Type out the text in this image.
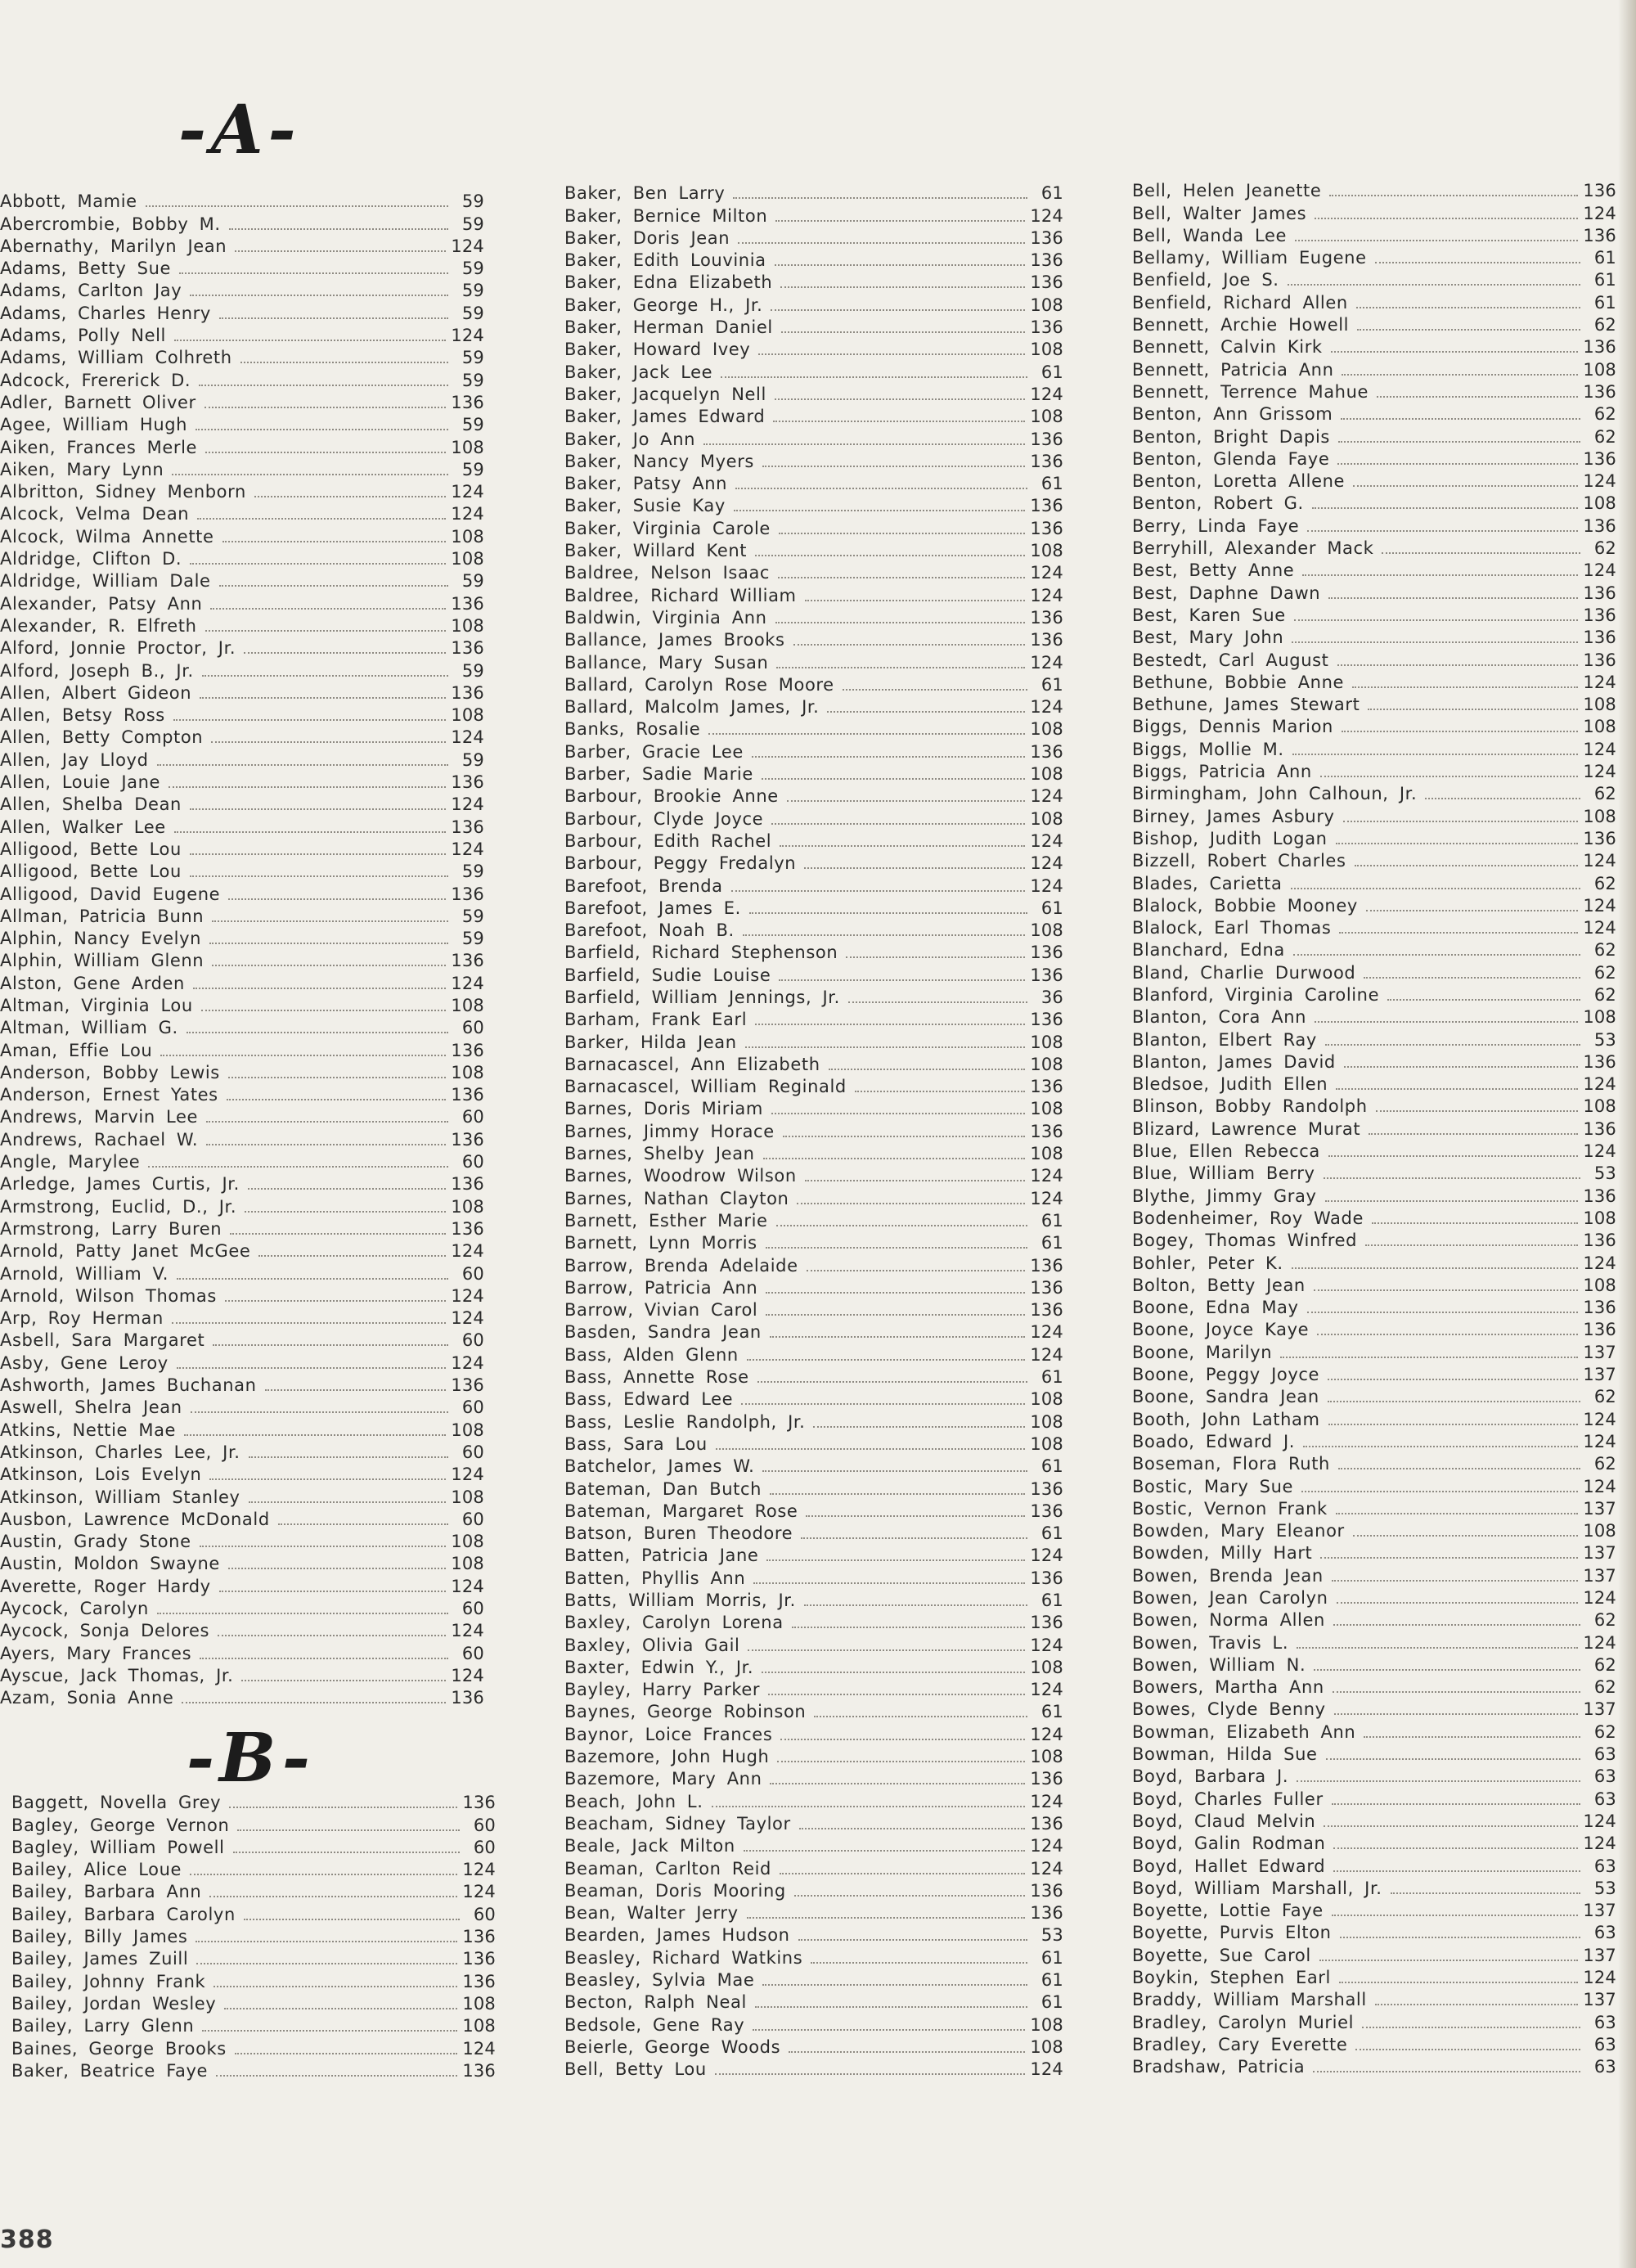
-A-
-B-
Abbott, Mamie	59
Abercrombie, Bobby M.	59
Abernathy, Marilyn Jean	124
Adams, Betty Sue	59
Adams, Carlton Jay	59
Adams, Charles Henry	59
Adams, Polly Nell	124
Adams, William Colhreth	59
Adcock, Frererick D.	59
Adler, Barnett Oliver	136
Agee, William Hugh	59
Aiken, Frances Merle	108
Aiken, Mary Lynn	59
Albritton, Sidney Menborn	124
Alcock, Velma Dean	124
Alcock, Wilma Annette	108
Aldridge, Clifton D.	108
Aldridge, William Dale	59
Alexander, Patsy Ann	136
Alexander, R. Elfreth	108
Alford, Jonnie Proctor, Jr.	136
Alford, Joseph B., Jr.	59
Allen, Albert Gideon	136
Allen, Betsy Ross	108
Allen, Betty Compton	124
Allen, Jay Lloyd	59
Allen, Louie Jane	136
Allen, Shelba Dean	124
Allen, Walker Lee	136
Alligood, Bette Lou	124
Alligood, Bette Lou	59
Alligood, David Eugene	136
Allman, Patricia Bunn	59
Alphin, Nancy Evelyn	59
Alphin, William Glenn	136
Alston, Gene Arden	124
Altman, Virginia Lou	108
Altman, William G.	60
Aman, Effie Lou	136
Anderson, Bobby Lewis	108
Anderson, Ernest Yates	136
Andrews, Marvin Lee	60
Andrews, Rachael W.	136
Angle, Marylee	60
Arledge, James Curtis, Jr.	136
Armstrong, Euclid, D., Jr.	108
Armstrong, Larry Buren	136
Arnold, Patty Janet McGee	124
Arnold, William V.	60
Arnold, Wilson Thomas	124
Arp, Roy Herman	124
Asbell, Sara Margaret	60
Asby, Gene Leroy	124
Ashworth, James Buchanan	136
Aswell, Shelra Jean	60
Atkins, Nettie Mae	108
Atkinson, Charles Lee, Jr.	60
Atkinson, Lois Evelyn	124
Atkinson, William Stanley	108
Ausbon, Lawrence McDonald	60
Austin, Grady Stone	108
Austin, Moldon Swayne	108
Averette, Roger Hardy	124
Aycock, Carolyn	60
Aycock, Sonja Delores	124
Ayers, Mary Frances	60
Ayscue, Jack Thomas, Jr.	124
Azam, Sonia Anne	136
Baggett, Novella Grey	136
Bagley, George Vernon	60
Bagley, William Powell	60
Bailey, Alice Loue	124
Bailey, Barbara Ann	124
Bailey, Barbara Carolyn	60
Bailey, Billy James	136
Bailey, James Zuill	136
Bailey, Johnny Frank	136
Bailey, Jordan Wesley	108
Bailey, Larry Glenn	108
Baines, George Brooks	124
Baker, Beatrice Faye	136
Baker, Ben Larry	61
Baker, Bernice Milton	124
Baker, Doris Jean	136
Baker, Edith Louvinia	136
Baker, Edna Elizabeth	136
Baker, George H., Jr.	108
Baker, Herman Daniel	136
Baker, Howard Ivey	108
Baker, Jack Lee	61
Baker, Jacquelyn Nell	124
Baker, James Edward	108
Baker, Jo Ann	136
Baker, Nancy Myers	136
Baker, Patsy Ann	61
Baker, Susie Kay	136
Baker, Virginia Carole	136
Baker, Willard Kent	108
Baldree, Nelson Isaac	124
Baldree, Richard William	124
Baldwin, Virginia Ann	136
Ballance, James Brooks	136
Ballance, Mary Susan	124
Ballard, Carolyn Rose Moore	61
Ballard, Malcolm James, Jr.	124
Banks, Rosalie	108
Barber, Gracie Lee	136
Barber, Sadie Marie	108
Barbour, Brookie Anne	124
Barbour, Clyde Joyce	108
Barbour, Edith Rachel	124
Barbour, Peggy Fredalyn	124
Barefoot, Brenda	124
Barefoot, James E.	61
Barefoot, Noah B.	108
Barfield, Richard Stephenson	136
Barfield, Sudie Louise	136
Barfield, William Jennings, Jr.	36
Barham, Frank Earl	136
Barker, Hilda Jean	108
Barnacascel, Ann Elizabeth	108
Barnacascel, William Reginald	136
Barnes, Doris Miriam	108
Barnes, Jimmy Horace	136
Barnes, Shelby Jean	108
Barnes, Woodrow Wilson	124
Barnes, Nathan Clayton	124
Barnett, Esther Marie	61
Barnett, Lynn Morris	61
Barrow, Brenda Adelaide	136
Barrow, Patricia Ann	136
Barrow, Vivian Carol	136
Basden, Sandra Jean	124
Bass, Alden Glenn	124
Bass, Annette Rose	61
Bass, Edward Lee	108
Bass, Leslie Randolph, Jr.	108
Bass, Sara Lou	108
Batchelor, James W.	61
Bateman, Dan Butch	136
Bateman, Margaret Rose	136
Batson, Buren Theodore	61
Batten, Patricia Jane	124
Batten, Phyllis Ann	136
Batts, William Morris, Jr.	61
Baxley, Carolyn Lorena	136
Baxley, Olivia Gail	124
Baxter, Edwin Y., Jr.	108
Bayley, Harry Parker	124
Baynes, George Robinson	61
Baynor, Loice Frances	124
Bazemore, John Hugh	108
Bazemore, Mary Ann	136
Beach, John L.	124
Beacham, Sidney Taylor	136
Beale, Jack Milton	124
Beaman, Carlton Reid	124
Beaman, Doris Mooring	136
Bean, Walter Jerry	136
Bearden, James Hudson	53
Beasley, Richard Watkins	61
Beasley, Sylvia Mae	61
Becton, Ralph Neal	61
Bedsole, Gene Ray	108
Beierle, George Woods	108
Bell, Betty Lou	124
Bell, Helen Jeanette	136
Bell, Walter James	124
Bell, Wanda Lee	136
Bellamy, William Eugene	61
Benfield, Joe S.	61
Benfield, Richard Allen	61
Bennett, Archie Howell	62
Bennett, Calvin Kirk	136
Bennett, Patricia Ann	108
Bennett, Terrence Mahue	136
Benton, Ann Grissom	62
Benton, Bright Dapis	62
Benton, Glenda Faye	136
Benton, Loretta Allene	124
Benton, Robert G.	108
Berry, Linda Faye	136
Berryhill, Alexander Mack	62
Best, Betty Anne	124
Best, Daphne Dawn	136
Best, Karen Sue	136
Best, Mary John	136
Bestedt, Carl August	136
Bethune, Bobbie Anne	124
Bethune, James Stewart	108
Biggs, Dennis Marion	108
Biggs, Mollie M.	124
Biggs, Patricia Ann	124
Birmingham, John Calhoun, Jr.	62
Birney, James Asbury	108
Bishop, Judith Logan	136
Bizzell, Robert Charles	124
Blades, Carietta	62
Blalock, Bobbie Mooney	124
Blalock, Earl Thomas	124
Blanchard, Edna	62
Bland, Charlie Durwood	62
Blanford, Virginia Caroline	62
Blanton, Cora Ann	108
Blanton, Elbert Ray	53
Blanton, James David	136
Bledsoe, Judith Ellen	124
Blinson, Bobby Randolph	108
Blizard, Lawrence Murat	136
Blue, Ellen Rebecca	124
Blue, William Berry	53
Blythe, Jimmy Gray	136
Bodenheimer, Roy Wade	108
Bogey, Thomas Winfred	136
Bohler, Peter K.	124
Bolton, Betty Jean	108
Boone, Edna May	136
Boone, Joyce Kaye	136
Boone, Marilyn	137
Boone, Peggy Joyce	137
Boone, Sandra Jean	62
Booth, John Latham	124
Boado, Edward J.	124
Boseman, Flora Ruth	62
Bostic, Mary Sue	124
Bostic, Vernon Frank	137
Bowden, Mary Eleanor	108
Bowden, Milly Hart	137
Bowen, Brenda Jean	137
Bowen, Jean Carolyn	124
Bowen, Norma Allen	62
Bowen, Travis L.	124
Bowen, William N.	62
Bowers, Martha Ann	62
Bowes, Clyde Benny	137
Bowman, Elizabeth Ann	62
Bowman, Hilda Sue	63
Boyd, Barbara J.	63
Boyd, Charles Fuller	63
Boyd, Claud Melvin	124
Boyd, Galin Rodman	124
Boyd, Hallet Edward	63
Boyd, William Marshall, Jr.	53
Boyette, Lottie Faye	137
Boyette, Purvis Elton	63
Boyette, Sue Carol	137
Boykin, Stephen Earl	124
Braddy, William Marshall	137
Bradley, Carolyn Muriel	63
Bradley, Cary Everette	63
Bradshaw, Patricia	63
388
